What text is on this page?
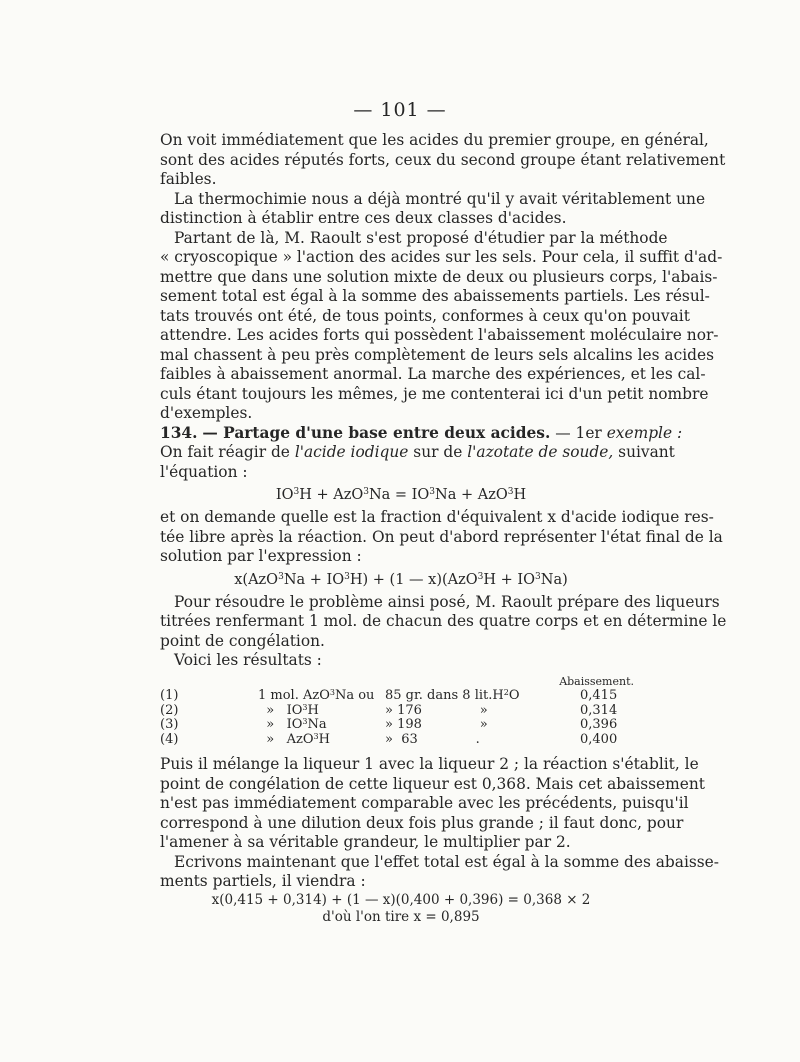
— 101 —
On voit immédiatement que les acides du premier groupe, en général,
sont des acides réputés forts, ceux du second groupe étant relativement
faibles.
La thermochimie nous a déjà montré qu'il y avait véritablement une
distinction à établir entre ces deux classes d'acides.
Partant de là, M. Raoult s'est proposé d'étudier par la méthode
« cryoscopique » l'action des acides sur les sels. Pour cela, il suffit d'ad-
mettre que dans une solution mixte de deux ou plusieurs corps, l'abais-
sement total est égal à la somme des abaissements partiels. Les résul-
tats trouvés ont été, de tous points, conformes à ceux qu'on pouvait
attendre. Les acides forts qui possèdent l'abaissement moléculaire nor-
mal chassent à peu près complètement de leurs sels alcalins les acides
faibles à abaissement anormal. La marche des expériences, et les cal-
culs étant toujours les mêmes, je me contenterai ici d'un petit nombre
d'exemples.
134. — Partage d'une base entre deux acides. — 1er exemple :
On fait réagir de l'acide iodique sur de l'azotate de soude, suivant
l'équation :
$IO^3H + AzO^3Na = IO^3Na + AzO^3H$
et on demande quelle est la fraction d'équivalent x d'acide iodique res-
tée libre après la réaction. On peut d'abord représenter l'état final de la
solution par l'expression :
$x(AzO^3Na + IO^3H) + (1$ — $x)(AzO^3H + IO^3Na)$
Pour résoudre le problème ainsi posé, M. Raoult prépare des liqueurs
titrées renfermant 1 mol. de chacun des quatre corps et en détermine le
point de congélation.
Voici les résultats :
Abaissement.
(1)	1 mol. AzO$^3$Na ou 85 gr. dans 8 $lit.H^2O$	0,415
(2)	»   $IO^3H$	» 176              »	0,314
(3)	»   $IO^3Na$	» 198              »	0,396
(4)	»   AzO$^3$H	»  63              .	0,400
Puis il mélange la liqueur 1 avec la liqueur 2 ; la réaction s'établit, le
point de congélation de cette liqueur est 0,368. Mais cet abaissement
n'est pas immédiatement comparable avec les précédents, puisqu'il
correspond à une dilution deux fois plus grande ; il faut donc, pour
l'amener à sa véritable grandeur, le multiplier par 2.
Ecrivons maintenant que l'effet total est égal à la somme des abaisse-
ments partiels, il viendra :
x(0,415 + 0,314) + (1 — x)(0,400 + 0,396) = 0,368 × 2
d'où l'on tire x = 0,895
